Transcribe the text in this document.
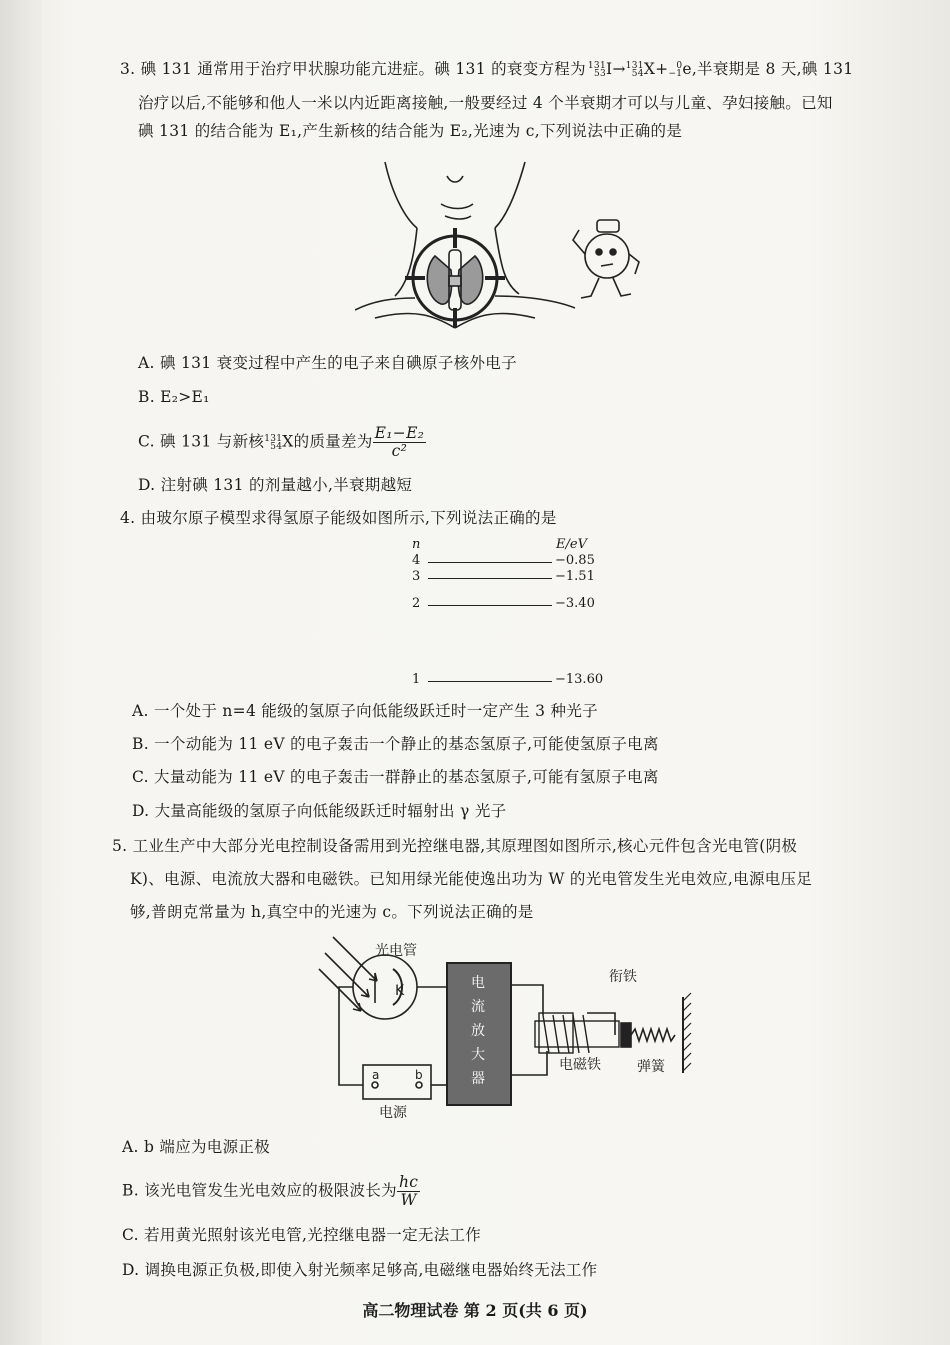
3. 碘 131 通常用于治疗甲状腺功能亢进症。碘 131 的衰变方程为 131
53 I→ 131
54 X+ 0
−1 e,半衰期是 8 天,碘 131
治疗以后,不能够和他人一米以内近距离接触,一般要经过 4 个半衰期才可以与儿童、孕妇接触。已知
碘 131 的结合能为 E₁,产生新核的结合能为 E₂,光速为 c,下列说法中正确的是
A. 碘 131 衰变过程中产生的电子来自碘原子核外电子
B. E₂>E₁
C. 碘 131 与新核 131
54 X的质量差为 $\frac{\text{E₁−E₂}}{\text{c²}}$
D. 注射碘 131 的剂量越小,半衰期越短
4. 由玻尔原子模型求得氢原子能级如图所示,下列说法正确的是
n	E/eV
4	−0.85
3	−1.51
2	−3.40
1	−13.60
A. 一个处于 n=4 能级的氢原子向低能级跃迁时一定产生 3 种光子
B. 一个动能为 11 eV 的电子轰击一个静止的基态氢原子,可能使氢原子电离
C. 大量动能为 11 eV 的电子轰击一群静止的基态氢原子,可能有氢原子电离
D. 大量高能级的氢原子向低能级跃迁时辐射出 γ 光子
5. 工业生产中大部分光电控制设备需用到光控继电器,其原理图如图所示,核心元件包含光电管(阴极
K)、电源、电流放大器和电磁铁。已知用绿光能使逸出功为 W 的光电管发生光电效应,电源电压足
够,普朗克常量为 h,真空中的光速为 c。下列说法正确的是
光电管
K	电
流
放
大
器
衔铁
电磁铁	弹簧
a	b
电源
A. b 端应为电源正极
B. 该光电管发生光电效应的极限波长为 $\frac{hc}{W}$
C. 若用黄光照射该光电管,光控继电器一定无法工作
D. 调换电源正负极,即使入射光频率足够高,电磁继电器始终无法工作
高二物理试卷 第 2 页(共 6 页)
